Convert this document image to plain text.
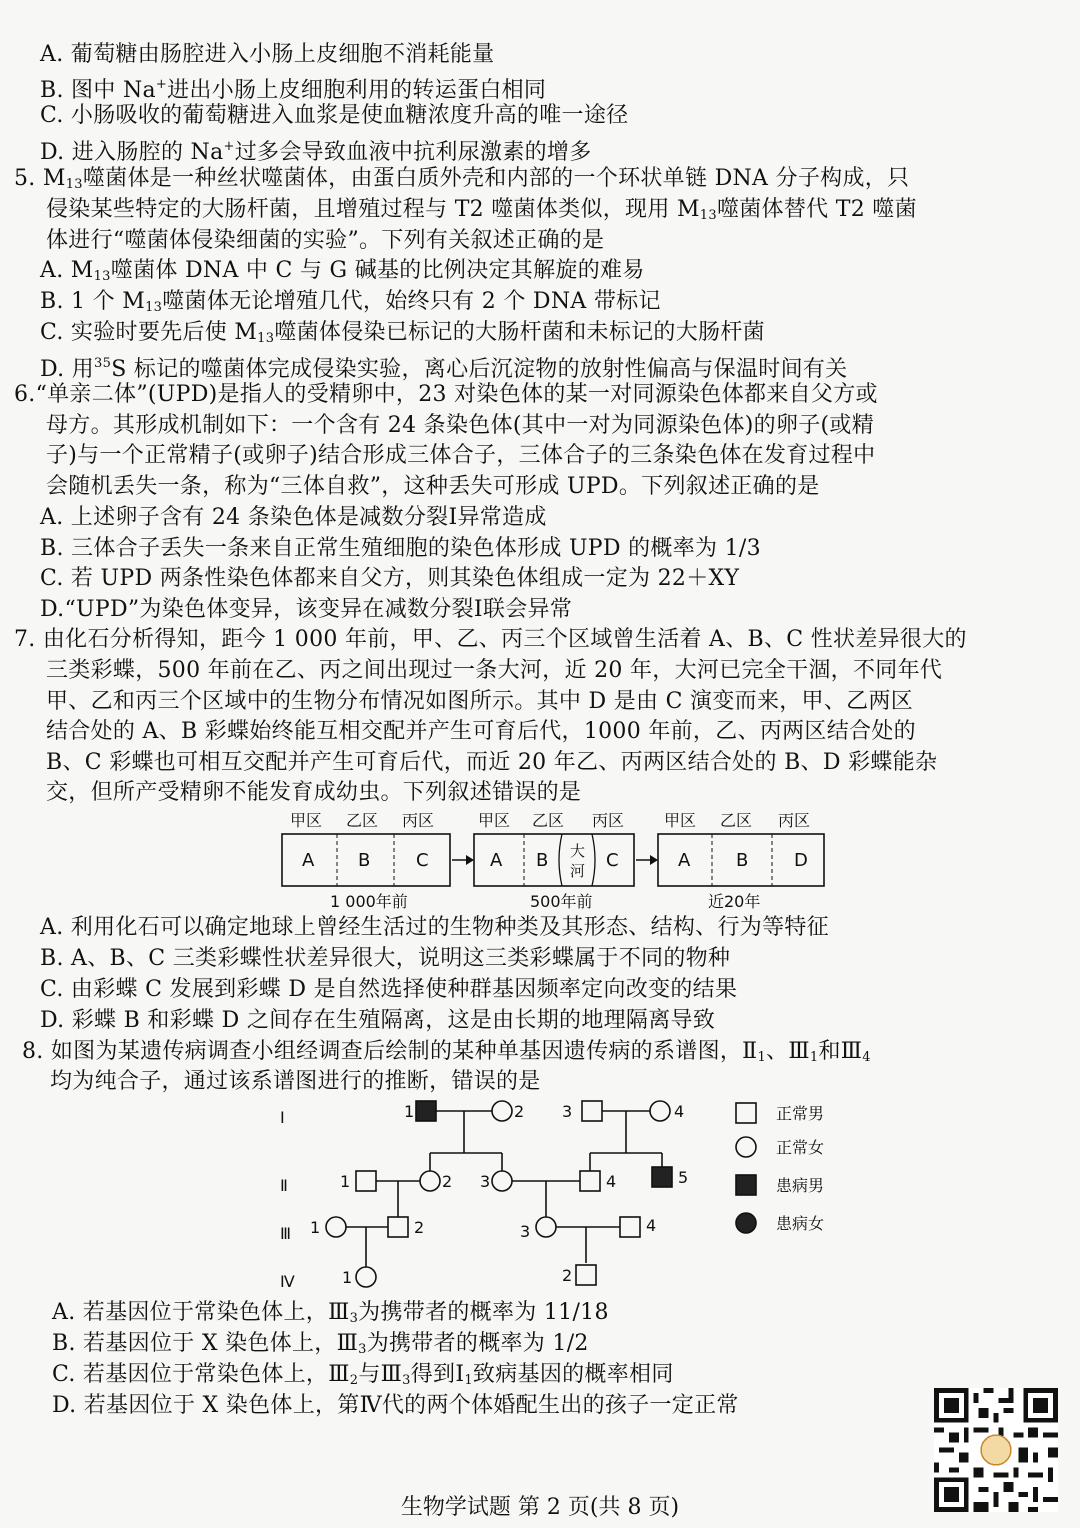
A. 葡萄糖由肠腔进入小肠上皮细胞不消耗能量
B. 图中 Na+进出小肠上皮细胞利用的转运蛋白相同
C. 小肠吸收的葡萄糖进入血浆是使血糖浓度升高的唯一途径
D. 进入肠腔的 Na+过多会导致血液中抗利尿激素的增多
5. $M_{13}$噬菌体是一种丝状噬菌体，由蛋白质外壳和内部的一个环状单链 DNA 分子构成，只
侵染某些特定的大肠杆菌，且增殖过程与 T2 噬菌体类似，现用 $M_{13}$噬菌体替代 T2 噬菌
体进行“噬菌体侵染细菌的实验”。下列有关叙述正确的是
A. $M_{13}$噬菌体 DNA 中 C 与 G 碱基的比例决定其解旋的难易
B. 1 个 $M_{13}$噬菌体无论增殖几代，始终只有 2 个 DNA 带标记
C. 实验时要先后使 $M_{13}$噬菌体侵染已标记的大肠杆菌和未标记的大肠杆菌
D. 用$^{35}$S 标记的噬菌体完成侵染实验，离心后沉淀物的放射性偏高与保温时间有关
6.“单亲二体”(UPD)是指人的受精卵中，23 对染色体的某一对同源染色体都来自父方或
母方。其形成机制如下：一个含有 24 条染色体(其中一对为同源染色体)的卵子(或精
子)与一个正常精子(或卵子)结合形成三体合子，三体合子的三条染色体在发育过程中
会随机丢失一条，称为“三体自救”，这种丢失可形成 UPD。下列叙述正确的是
A. 上述卵子含有 24 条染色体是减数分裂Ⅰ异常造成
B. 三体合子丢失一条来自正常生殖细胞的染色体形成 UPD 的概率为 1/3
C. 若 UPD 两条性染色体都来自父方，则其染色体组成一定为 22＋XY
D.“UPD”为染色体变异，该变异在减数分裂Ⅰ联会异常
7. 由化石分析得知，距今 1 000 年前，甲、乙、丙三个区域曾生活着 A、B、C 性状差异很大的
三类彩蝶，500 年前在乙、丙之间出现过一条大河，近 20 年，大河已完全干涸，不同年代
甲、乙和丙三个区域中的生物分布情况如图所示。其中 D 是由 C 演变而来，甲、乙两区
结合处的 A、B 彩蝶始终能互相交配并产生可育后代，1000 年前，乙、丙两区结合处的
B、C 彩蝶也可相互交配并产生可育后代，而近 20 年乙、丙两区结合处的 B、D 彩蝶能杂
交，但所产受精卵不能发育成幼虫。下列叙述错误的是
甲区 乙区 丙区
A B	C
1 000年前
甲区 乙区 丙区
A B 大
河 C
500年前
甲区 乙区 丙区
A	B	D
近20年
A. 利用化石可以确定地球上曾经生活过的生物种类及其形态、结构、行为等特征
B. A、B、C 三类彩蝶性状差异很大，说明这三类彩蝶属于不同的物种
C. 由彩蝶 C 发展到彩蝶 D 是自然选择使种群基因频率定向改变的结果
D. 彩蝶 B 和彩蝶 D 之间存在生殖隔离，这是由长期的地理隔离导致
8. 如图为某遗传病调查小组经调查后绘制的某种单基因遗传病的系谱图，$Ⅱ_1$、$Ⅲ_1$和$Ⅲ_4$
均为纯合子，通过该系谱图进行的推断，错误的是
Ⅰ
Ⅱ
Ⅲ
Ⅳ
1	2 3	4
1	2 3	4	5
1	2	3	4
1	2
正常男
正常女
患病男
患病女
A. 若基因位于常染色体上，$Ⅲ_3$为携带者的概率为 11/18
B. 若基因位于 X 染色体上，$Ⅲ_3$为携带者的概率为 1/2
C. 若基因位于常染色体上，$Ⅲ_2$与$Ⅲ_3$得到$Ⅰ_1$致病基因的概率相同
D. 若基因位于 X 染色体上，第Ⅳ代的两个体婚配生出的孩子一定正常
生物学试题 第 2 页(共 8 页)
